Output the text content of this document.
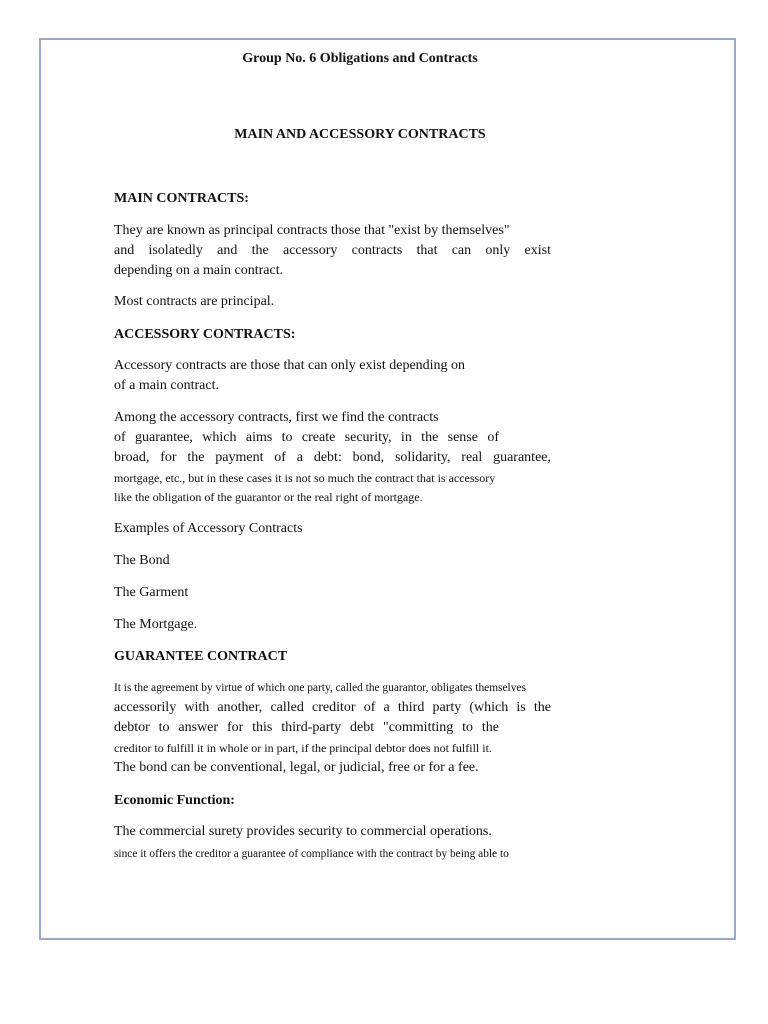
Group No. 6 Obligations and Contracts
MAIN AND ACCESSORY CONTRACTS
MAIN CONTRACTS:
They are known as principal contracts those that "exist by themselves"
and isolatedly and the accessory contracts that can only exist
depending on a main contract.
Most contracts are principal.
ACCESSORY CONTRACTS:
Accessory contracts are those that can only exist depending on
of a main contract.
Among the accessory contracts, first we find the contracts
of guarantee, which aims to create security, in the sense of
broad, for the payment of a debt: bond, solidarity, real guarantee,
mortgage, etc., but in these cases it is not so much the contract that is accessory
like the obligation of the guarantor or the real right of mortgage.
Examples of Accessory Contracts
The Bond
The Garment
The Mortgage.
GUARANTEE CONTRACT
It is the agreement by virtue of which one party, called the guarantor, obligates themselves
accessorily with another, called creditor of a third party (which is the
debtor to answer for this third-party debt "committing to the
creditor to fulfill it in whole or in part, if the principal debtor does not fulfill it.
The bond can be conventional, legal, or judicial, free or for a fee.
Economic Function:
The commercial surety provides security to commercial operations.
since it offers the creditor a guarantee of compliance with the contract by being able to
